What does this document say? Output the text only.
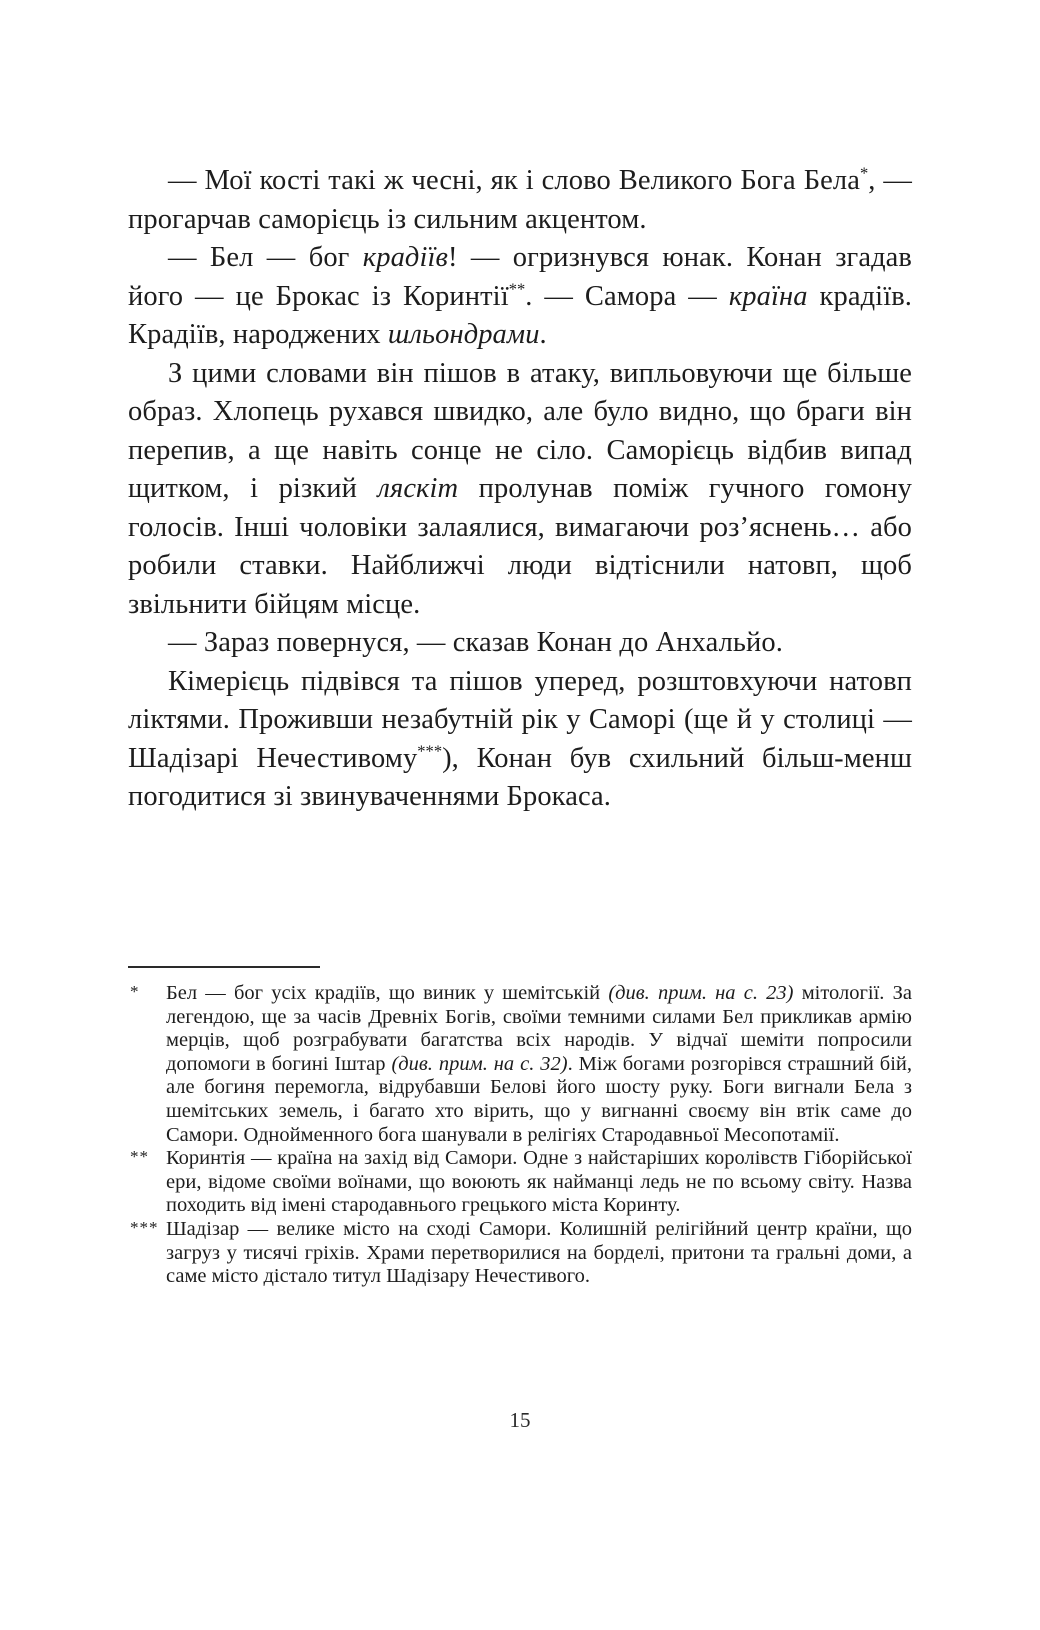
— Мої кості такі ж чесні, як і слово Великого Бога Бела*, — прогарчав саморієць із сильним акцентом.

— Бел — бог крадіїв! — огризнувся юнак. Конан згадав його — це Брокас із Коринтії**. — Самора — країна крадіїв. Крадіїв, народжених шльондрами.

З цими словами він пішов в атаку, випльовуючи ще більше образ. Хлопець рухався швидко, але було видно, що браги він перепив, а ще навіть сонце не сіло. Саморієць відбив випад щитком, і різкий ляскіт пролунав поміж гучного гомону голосів. Інші чоловіки залаялися, вимагаючи роз’яснень… або робили ставки. Найближчі люди відтіснили натовп, щоб звільнити бійцям місце.

— Зараз повернуся, — сказав Конан до Анхальйо.

Кімерієць підвівся та пішов уперед, розштовхуючи натовп ліктями. Проживши незабутній рік у Саморі (ще й у столиці — Шадізарі Нечестивому***), Конан був схильний більш-менш погодитися зі звинуваченнями Брокаса.

* Бел — бог усіх крадіїв, що виник у шемітській (див. прим. на с. 23) мітології. За легендою, ще за часів Древніх Богів, своїми темними силами Бел прикликав армію мерців, щоб розграбувати багатства всіх народів. У відчаї шеміти попросили допомоги в богині Іштар (див. прим. на с. 32). Між богами розгорівся страшний бій, але богиня перемогла, відрубавши Белові його шосту руку. Боги вигнали Бела з шемітських земель, і багато хто вірить, що у вигнанні своєму він втік саме до Самори. Однойменного бога шанували в релігіях Стародавньої Месопотамії.
** Коринтія — країна на захід від Самори. Одне з найстаріших королівств Гіборійської ери, відоме своїми воїнами, що воюють як найманці ледь не по всьому світу. Назва походить від імені стародавнього грецького міста Коринту.
*** Шадізар — велике місто на сході Самори. Колишній релігійний центр країни, що загруз у тисячі гріхів. Храми перетворилися на борделі, притони та гральні доми, а саме місто дістало титул Шадізару Нечестивого.
15
